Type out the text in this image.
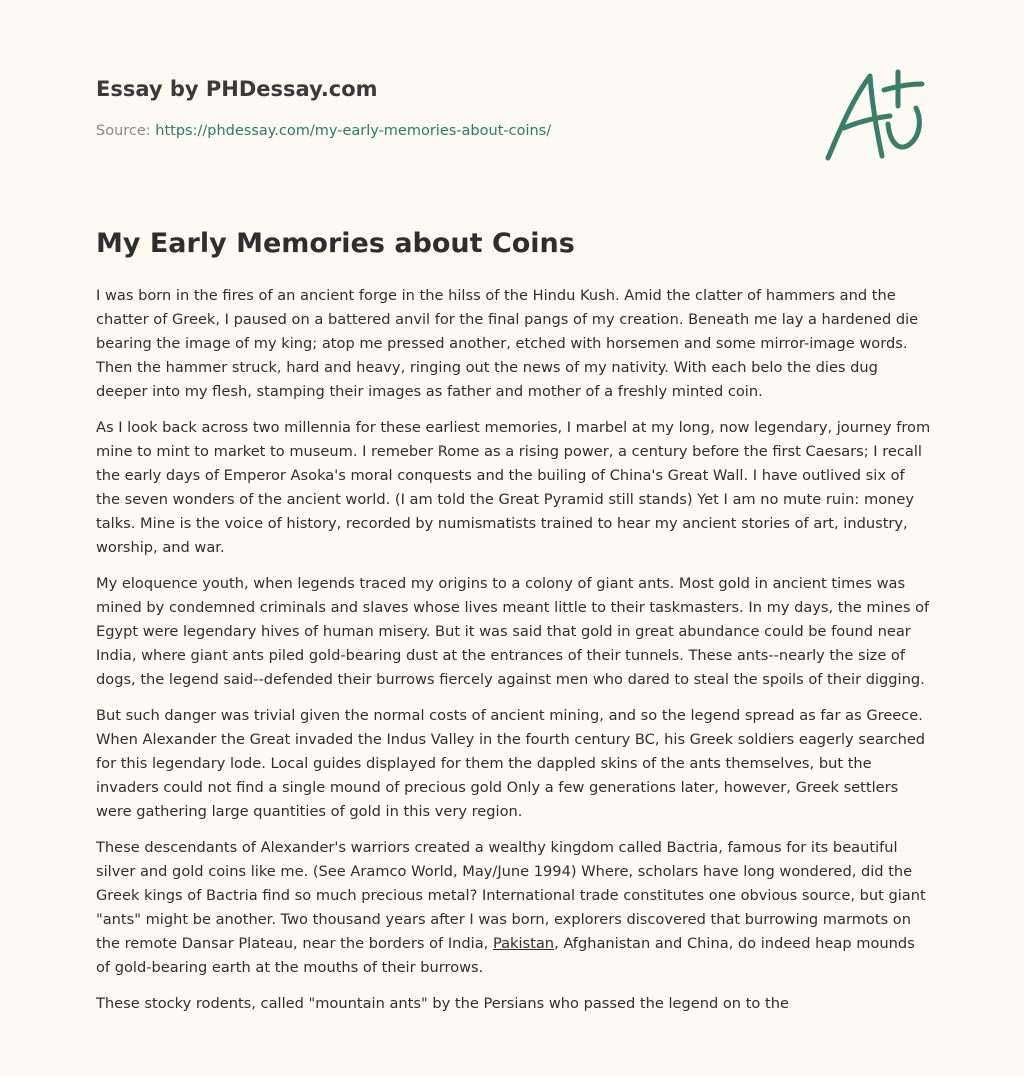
Essay by PHDessay.com
Source: https://phdessay.com/my-early-memories-about-coins/
My Early Memories about Coins

I was born in the fires of an ancient forge in the hilss of the Hindu Kush. Amid the clatter of hammers and the chatter of Greek, I paused on a battered anvil for the final pangs of my creation. Beneath me lay a hardened die bearing the image of my king; atop me pressed another, etched with horsemen and some mirror-image words. Then the hammer struck, hard and heavy, ringing out the news of my nativity. With each belo the dies dug deeper into my flesh, stamping their images as father and mother of a freshly minted coin.

As I look back across two millennia for these earliest memories, I marbel at my long, now legendary, journey from mine to mint to market to museum. I remeber Rome as a rising power, a century before the first Caesars; I recall the early days of Emperor Asoka's moral conquests and the builing of China's Great Wall. I have outlived six of the seven wonders of the ancient world. (I am told the Great Pyramid still stands) Yet I am no mute ruin: money talks. Mine is the voice of history, recorded by numismatists trained to hear my ancient stories of art, industry, worship, and war.

My eloquence youth, when legends traced my origins to a colony of giant ants. Most gold in ancient times was mined by condemned criminals and slaves whose lives meant little to their taskmasters. In my days, the mines of Egypt were legendary hives of human misery. But it was said that gold in great abundance could be found near India, where giant ants piled gold-bearing dust at the entrances of their tunnels. These ants--nearly the size of dogs, the legend said--defended their burrows fiercely against men who dared to steal the spoils of their digging.

But such danger was trivial given the normal costs of ancient mining, and so the legend spread as far as Greece. When Alexander the Great invaded the Indus Valley in the fourth century BC, his Greek soldiers eagerly searched for this legendary lode. Local guides displayed for them the dappled skins of the ants themselves, but the invaders could not find a single mound of precious gold Only a few generations later, however, Greek settlers were gathering large quantities of gold in this very region.

These descendants of Alexander's warriors created a wealthy kingdom called Bactria, famous for its beautiful silver and gold coins like me. (See Aramco World, May/June 1994) Where, scholars have long wondered, did the Greek kings of Bactria find so much precious metal? International trade constitutes one obvious source, but giant "ants" might be another. Two thousand years after I was born, explorers discovered that burrowing marmots on the remote Dansar Plateau, near the borders of India, Pakistan, Afghanistan and China, do indeed heap mounds of gold-bearing earth at the mouths of their burrows.

These stocky rodents, called "mountain ants" by the Persians who passed the legend on to the
